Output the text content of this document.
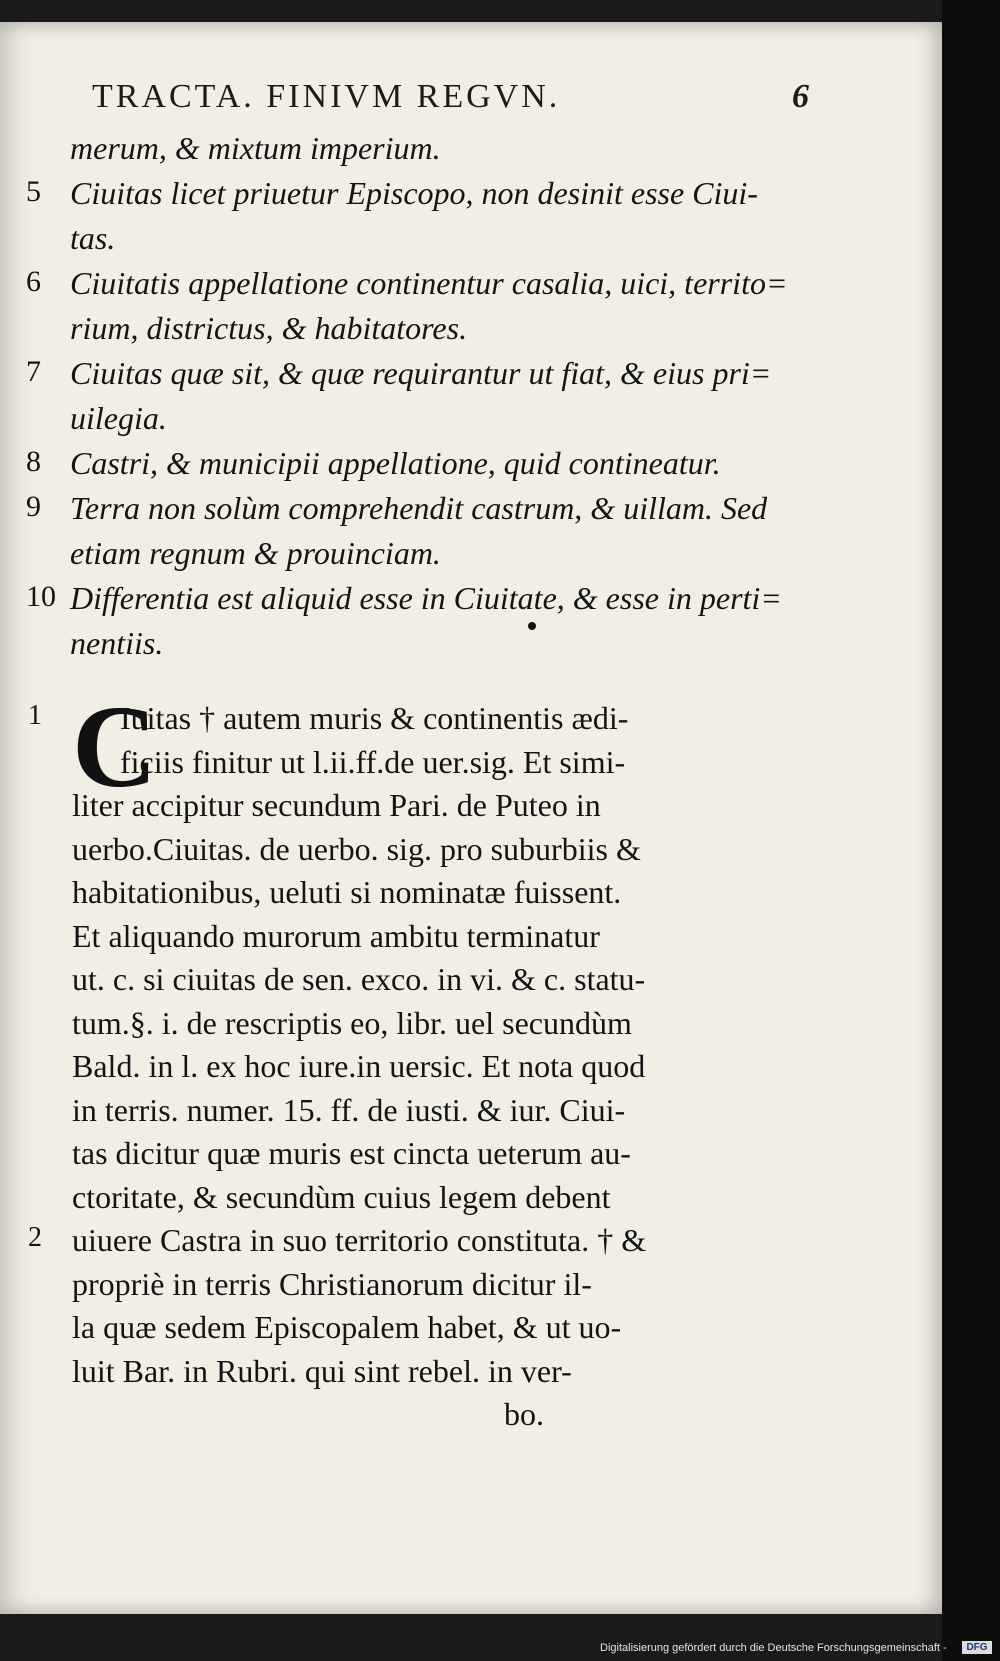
TRACTA. FINIVM REGVN.	6
merum, & mixtum imperium.
5 Ciuitas licet priuetur Episcopo, non desinit esse Ciui-
tas.
6 Ciuitatis appellatione continentur casalia, uici, territo=
rium, districtus, & habitatores.
7 Ciuitas quæ sit, & quæ requirantur ut fiat, & eius pri=
uilegia.
8 Castri, & municipii appellatione, quid contineatur.
9 Terra non solùm comprehendit castrum, & uillam. Sed
etiam regnum & prouinciam.
10 Differentia est aliquid esse in Ciuitate, & esse in perti=
nentiis.
C
1 Iuitas † autem muris & continentis ædi-
ficiis finitur ut l.ii.ff.de uer.sig. Et simi-
liter accipitur secundum Pari. de Puteo in
uerbo.Ciuitas. de uerbo. sig. pro suburbiis &
habitationibus, ueluti si nominatæ fuissent.
Et aliquando murorum ambitu terminatur
ut. c. si ciuitas de sen. exco. in vi. & c. statu-
tum.§. i. de rescriptis eo, libr. uel secundùm
Bald. in l. ex hoc iure.in uersic. Et nota quod
in terris. numer. 15. ff. de iusti. & iur. Ciui-
tas dicitur quæ muris est cincta ueterum au-
ctoritate, & secundùm cuius legem debent
2 uiuere Castra in suo territorio constituta. † &
propriè in terris Christianorum dicitur il-
la quæ sedem Episcopalem habet, & ut uo-
luit Bar. in Rubri. qui sint rebel. in ver-
bo.
Digitalisierung gefördert durch die Deutsche Forschungsgemeinschaft -	DFG
